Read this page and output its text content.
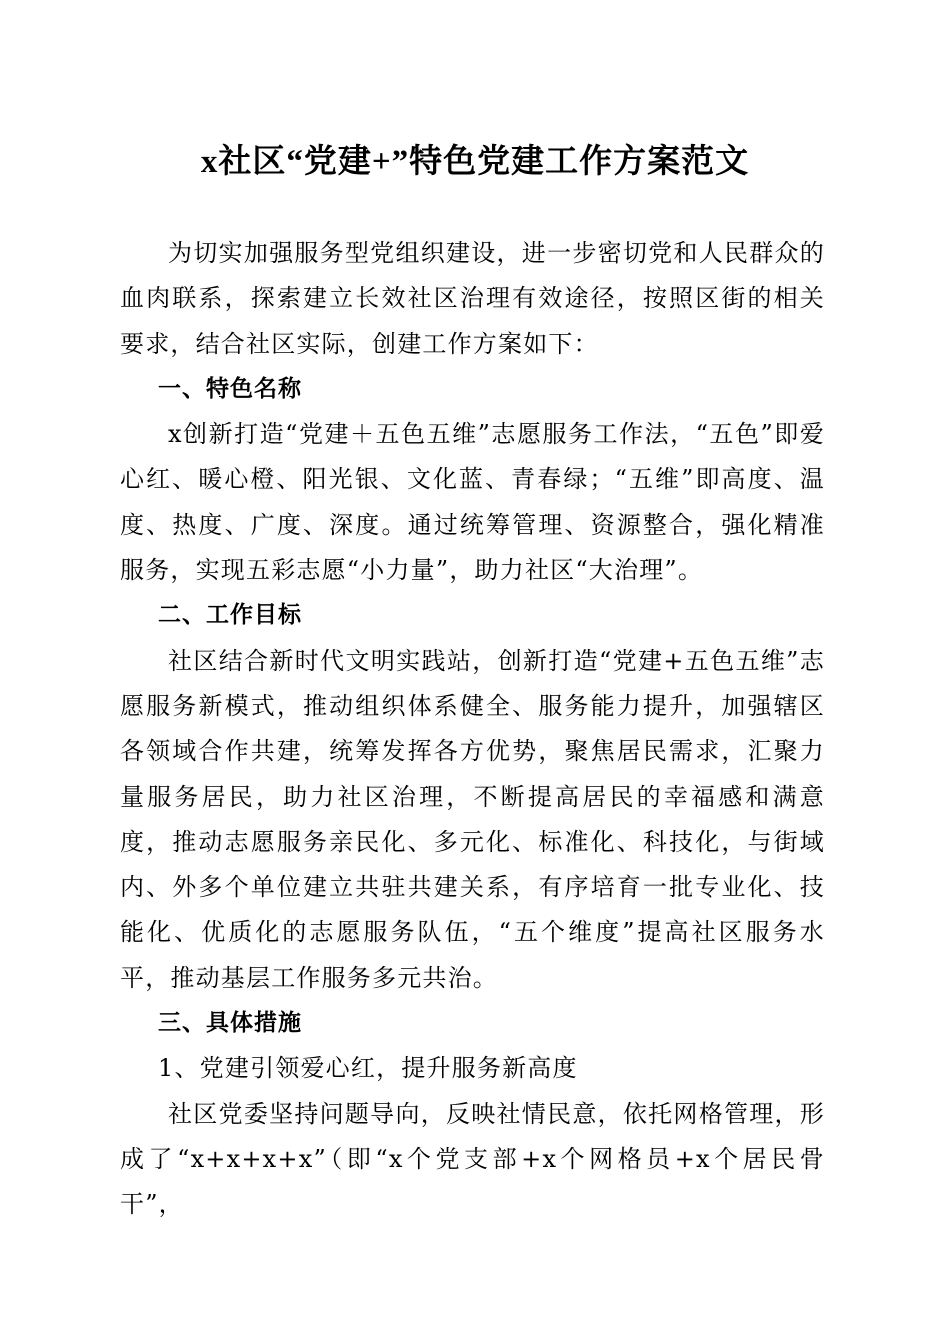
x社区“党建+”特色党建工作方案范文

为切实加强服务型党组织建设，进一步密切党和人民群众的血肉联系，探索建立长效社区治理有效途径，按照区街的相关要求，结合社区实际，创建工作方案如下：

一、特色名称

x创新打造“党建＋五色五维”志愿服务工作法，“五色”即爱心红、暖心橙、阳光银、文化蓝、青春绿；“五维”即高度、温度、热度、广度、深度。通过统筹管理、资源整合，强化精准服务，实现五彩志愿“小力量”，助力社区“大治理”。

二、工作目标

社区结合新时代文明实践站，创新打造“党建+五色五维”志愿服务新模式，推动组织体系健全、服务能力提升，加强辖区各领域合作共建，统筹发挥各方优势，聚焦居民需求，汇聚力量服务居民，助力社区治理，不断提高居民的幸福感和满意度，推动志愿服务亲民化、多元化、标准化、科技化，与街域内、外多个单位建立共驻共建关系，有序培育一批专业化、技能化、优质化的志愿服务队伍，“五个维度”提高社区服务水平，推动基层工作服务多元共治。

三、具体措施

1、党建引领爱心红，提升服务新高度

社区党委坚持问题导向，反映社情民意，依托网格管理，形成了“x+x+x+x”（即“x个党支部+x个网格员+x个居民骨干”，
